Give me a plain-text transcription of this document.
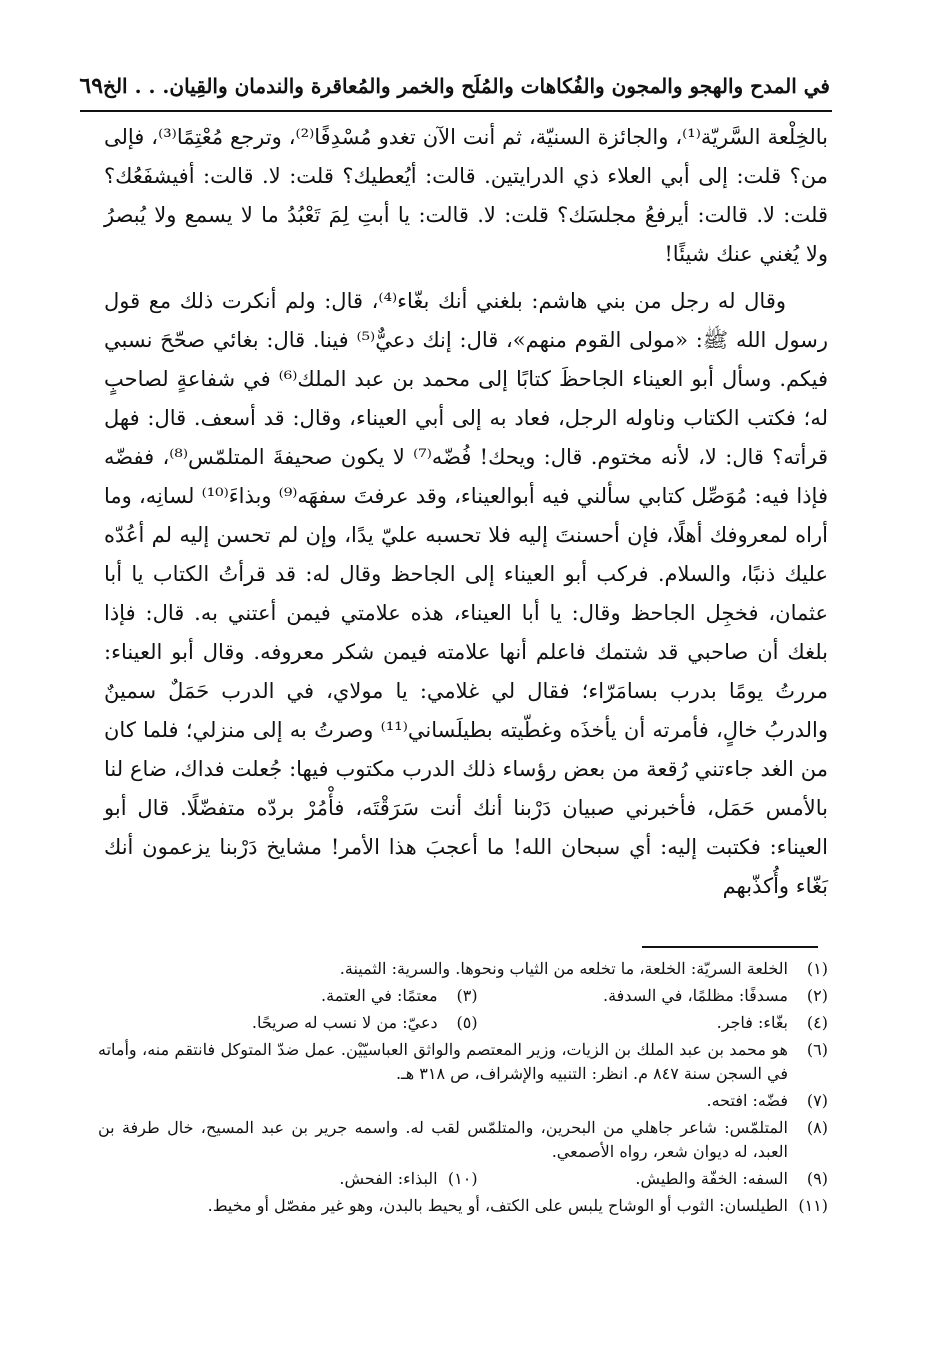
في المدح والهجو والمجون والفُكاهات والمُلَح والخمر والمُعاقرة والندمان والقِيان. . . الخ
٦٩

بالخِلْعة السَّريّة⁽¹⁾، والجائزة السنيّة، ثم أنت الآن تغدو مُسْدِفًا⁽²⁾، وترجع مُعْتِمًا⁽³⁾، فإلى من؟ قلت: إلى أبي العلاء ذي الدرايتين. قالت: أيُعطيك؟ قلت: لا. قالت: أفيشفَعُك؟ قلت: لا. قالت: أيرفعُ مجلسَك؟ قلت: لا. قالت: يا أبتِ لِمَ تَعْبُدُ ما لا يسمع ولا يُبصرُ ولا يُغني عنك شيئًا!

وقال له رجل من بني هاشم: بلغني أنك بغّاء⁽⁴⁾، قال: ولم أنكرت ذلك مع قول رسول الله ﷺ: «مولى القوم منهم»، قال: إنك دعيٌّ⁽⁵⁾ فينا. قال: بغائي صحّحَ نسبي فيكم. وسأل أبو العيناء الجاحظَ كتابًا إلى محمد بن عبد الملك⁽⁶⁾ في شفاعةٍ لصاحبٍ له؛ فكتب الكتاب وناوله الرجل، فعاد به إلى أبي العيناء، وقال: قد أسعف. قال: فهل قرأته؟ قال: لا، لأنه مختوم. قال: ويحك! فُضّه⁽⁷⁾ لا يكون صحيفةَ المتلمّس⁽⁸⁾، ففضّه فإذا فيه: مُوَصِّل كتابي سألني فيه أبوالعيناء، وقد عرفتَ سفهَه⁽⁹⁾ وبذاءَ⁽¹⁰⁾ لسانِه، وما أراه لمعروفك أهلًا، فإن أحسنتَ إليه فلا تحسبه عليّ يدًا، وإن لم تحسن إليه لم أعُدّه عليك ذنبًا، والسلام. فركب أبو العيناء إلى الجاحظ وقال له: قد قرأتُ الكتاب يا أبا عثمان، فخجِل الجاحظ وقال: يا أبا العيناء، هذه علامتي فيمن أعتني به. قال: فإذا بلغك أن صاحبي قد شتمك فاعلم أنها علامته فيمن شكر معروفه. وقال أبو العيناء: مررتُ يومًا بدرب بسامَرّاء؛ فقال لي غلامي: يا مولاي، في الدرب حَمَلٌ سمينٌ والدربُ خالٍ، فأمرته أن يأخذَه وغطّيته بطيلَساني⁽¹¹⁾ وصرتُ به إلى منزلي؛ فلما كان من الغد جاءتني رُقعة من بعض رؤساء ذلك الدرب مكتوب فيها: جُعلت فداك، ضاع لنا بالأمس حَمَل، فأخبرني صبيان دَرْبنا أنك أنت سَرَقْتَه، فأْمُرْ بردّه متفضّلًا. قال أبو العيناء: فكتبت إليه: أي سبحان الله! ما أعجبَ هذا الأمر! مشايخ دَرْبنا يزعمون أنك بَغّاء وأُكذّبهم

(١)
الخلعة السريّة: الخلعة، ما تخلعه من الثياب ونحوها. والسرية: الثمينة.
(٢)
مسدفًا: مظلمًا، في السدفة.
(٣)
معتمًا: في العتمة.
(٤)
بغّاء: فاجر.
(٥)
دعيّ: من لا نسب له صريحًا.
(٦)
هو محمد بن عبد الملك بن الزيات، وزير المعتصم والواثق العباسيّيْن. عمل ضدّ المتوكل فانتقم منه، وأماته في السجن سنة ٨٤٧ م. انظر: التنبيه والإشراف، ص ٣١٨ هـ.
(٧)
فضّه: افتحه.
(٨)
المتلمّس: شاعر جاهلي من البحرين، والمتلمّس لقب له. واسمه جرير بن عبد المسيح، خال طرفة بن العبد، له ديوان شعر، رواه الأصمعي.
(٩)
السفه: الخفّة والطيش.
(١٠)
البذاء: الفحش.
(١١)
الطيلسان: الثوب أو الوشاح يلبس على الكتف، أو يحيط بالبدن، وهو غير مفصّل أو مخيط.
